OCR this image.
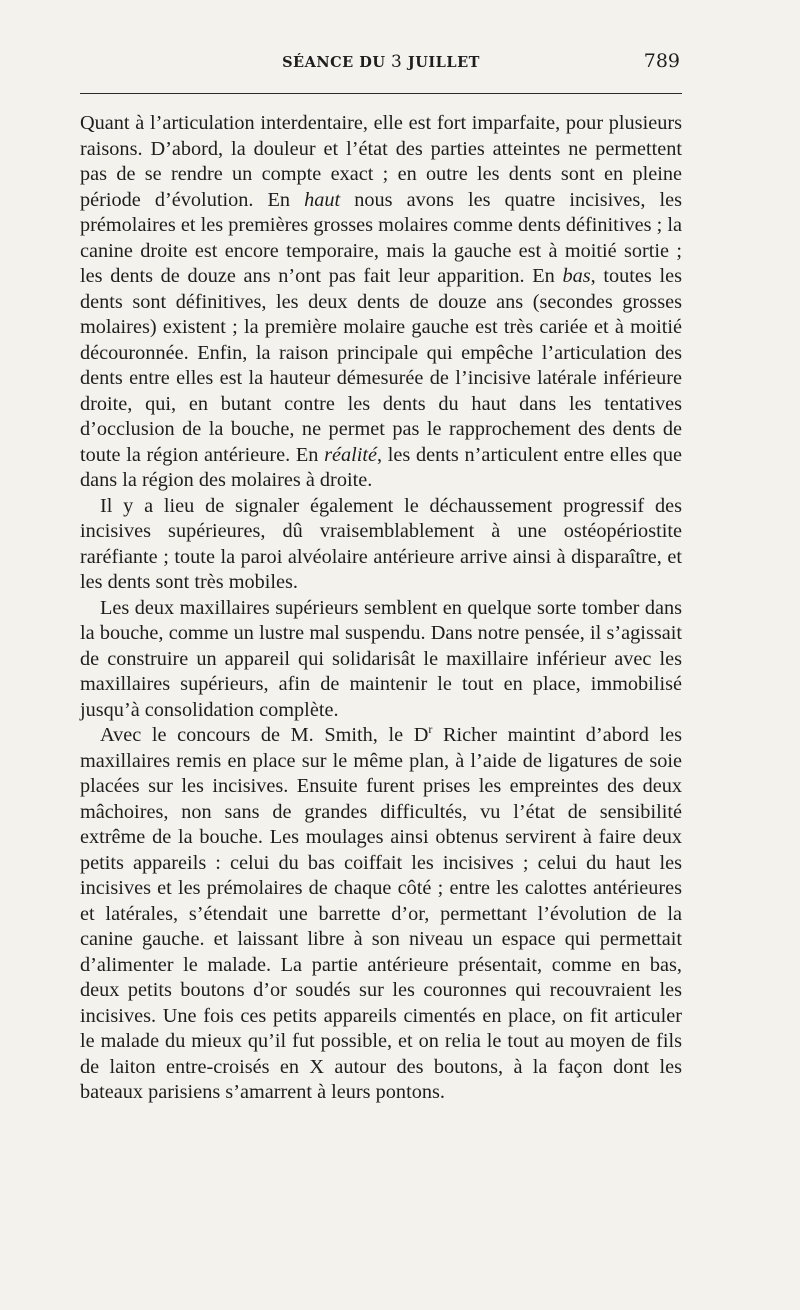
SÉANCE DU 3 JUILLET	789

Quant à l’articulation interdentaire, elle est fort imparfaite, pour plusieurs raisons. D’abord, la douleur et l’état des parties atteintes ne permettent pas de se rendre un compte exact ; en outre les dents sont en pleine période d’évolution. En haut nous avons les quatre incisives, les prémolaires et les premières grosses molaires comme dents définitives ; la canine droite est encore temporaire, mais la gauche est à moitié sortie ; les dents de douze ans n’ont pas fait leur apparition. En bas, toutes les dents sont définitives, les deux dents de douze ans (secondes grosses molaires) existent ; la première molaire gauche est très cariée et à moitié découronnée. Enfin, la raison principale qui empêche l’articulation des dents entre elles est la hauteur démesurée de l’incisive latérale inférieure droite, qui, en butant contre les dents du haut dans les tentatives d’occlusion de la bouche, ne permet pas le rapprochement des dents de toute la région antérieure. En réalité, les dents n’articulent entre elles que dans la région des molaires à droite.

Il y a lieu de signaler également le déchaussement progressif des incisives supérieures, dû vraisemblablement à une ostéopériostite raréfiante ; toute la paroi alvéolaire antérieure arrive ainsi à disparaître, et les dents sont très mobiles.

Les deux maxillaires supérieurs semblent en quelque sorte tomber dans la bouche, comme un lustre mal suspendu. Dans notre pensée, il s’agissait de construire un appareil qui solidarisât le maxillaire inférieur avec les maxillaires supérieurs, afin de maintenir le tout en place, immobilisé jusqu’à consolidation complète.

Avec le concours de M. Smith, le $D^r$ Richer maintint d’abord les maxillaires remis en place sur le même plan, à l’aide de ligatures de soie placées sur les incisives. Ensuite furent prises les empreintes des deux mâchoires, non sans de grandes difficultés, vu l’état de sensibilité extrême de la bouche. Les moulages ainsi obtenus servirent à faire deux petits appareils : celui du bas coiffait les incisives ; celui du haut les incisives et les prémolaires de chaque côté ; entre les calottes antérieures et latérales, s’étendait une barrette d’or, permettant l’évolution de la canine gauche. et laissant libre à son niveau un espace qui permettait d’alimenter le malade. La partie antérieure présentait, comme en bas, deux petits boutons d’or soudés sur les couronnes qui recouvraient les incisives. Une fois ces petits appareils cimentés en place, on fit articuler le malade du mieux qu’il fut possible, et on relia le tout au moyen de fils de laiton entre-croisés en X autour des boutons, à la façon dont les bateaux parisiens s’amarrent à leurs pontons.
